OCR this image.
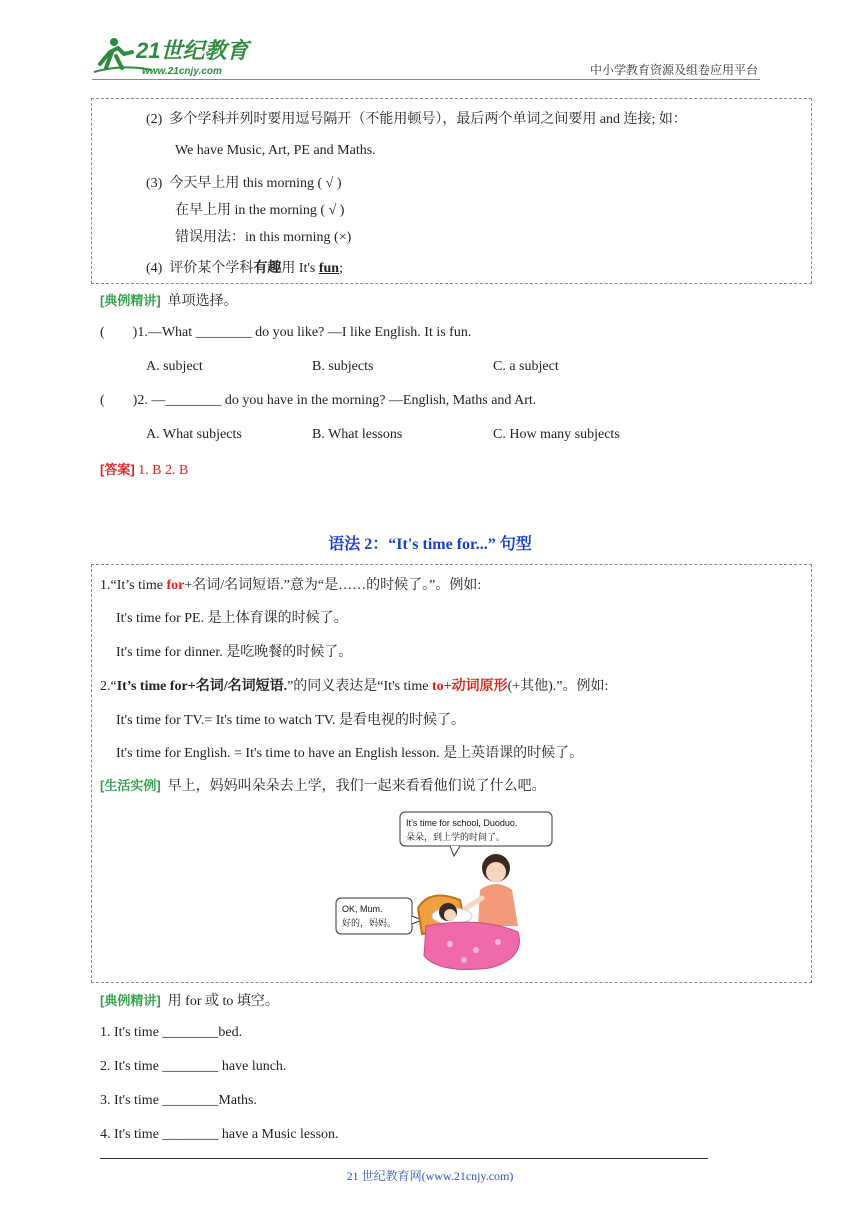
21世纪教育
www.21cnjy.com	中小学教育资源及组卷应用平台
(2) 多个学科并列时要用逗号隔开（不能用顿号），最后两个单词之间要用 and 连接; 如：
We have Music, Art, PE and Maths.
(3) 今天早上用 this morning ( √ )
在早上用 in the morning ( √ )
错误用法：in this morning (×)
(4) 评价某个学科有趣用 It's fun;
[典例精讲] 单项选择。
( )1.—What ________ do you like? —I like English. It is fun.
A. subject	B. subjects	C. a subject
( )2. —________ do you have in the morning? —English, Maths and Art.
A. What subjects	B. What lessons	C. How many subjects
[答案] 1. B 2. B
语法 2：“It's time for...” 句型
1.“It’s time for+名词/名词短语.”意为“是……的时候了。”。例如:
It's time for PE. 是上体育课的时候了。
It's time for dinner. 是吃晚餐的时候了。
2.“It’s time for+名词/名词短语.”的同义表达是“It's time to+动词原形(+其他).”。例如:
It's time for TV.= It's time to watch TV. 是看电视的时候了。
It's time for English. = It's time to have an English lesson. 是上英语课的时候了。
[生活实例] 早上，妈妈叫朵朵去上学，我们一起来看看他们说了什么吧。
It’s time for school, Duoduo.
朵朵，到上学的时间了。
OK, Mum.
好的，妈妈。
[典例精讲] 用 for 或 to 填空。
1. It's time ________bed.
2. It's time ________ have lunch.
3. It's time ________Maths.
4. It's time ________ have a Music lesson.
21 世纪教育网(www.21cnjy.com)
